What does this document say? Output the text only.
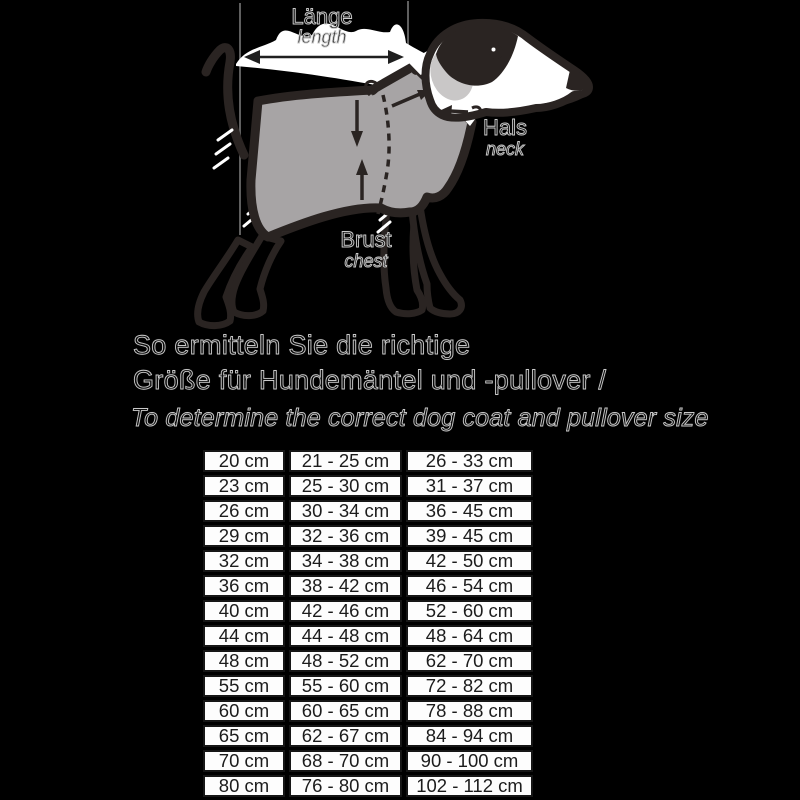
Länge
length
Hals
neck
Brust
chest
So ermitteln Sie die richtige
Größe für Hundemäntel und -pullover /
To determine the correct dog coat and pullover size
20 cm	21 - 25 cm	26 - 33 cm
23 cm	25 - 30 cm	31 - 37 cm
26 cm	30 - 34 cm	36 - 45 cm
29 cm	32 - 36 cm	39 - 45 cm
32 cm	34 - 38 cm	42 - 50 cm
36 cm	38 - 42 cm	46 - 54 cm
40 cm	42 - 46 cm	52 - 60 cm
44 cm	44 - 48 cm	48 - 64 cm
48 cm	48 - 52 cm	62 - 70 cm
55 cm	55 - 60 cm	72 - 82 cm
60 cm	60 - 65 cm	78 - 88 cm
65 cm	62 - 67 cm	84 - 94 cm
70 cm	68 - 70 cm	90 - 100 cm
80 cm	76 - 80 cm	102 - 112 cm
